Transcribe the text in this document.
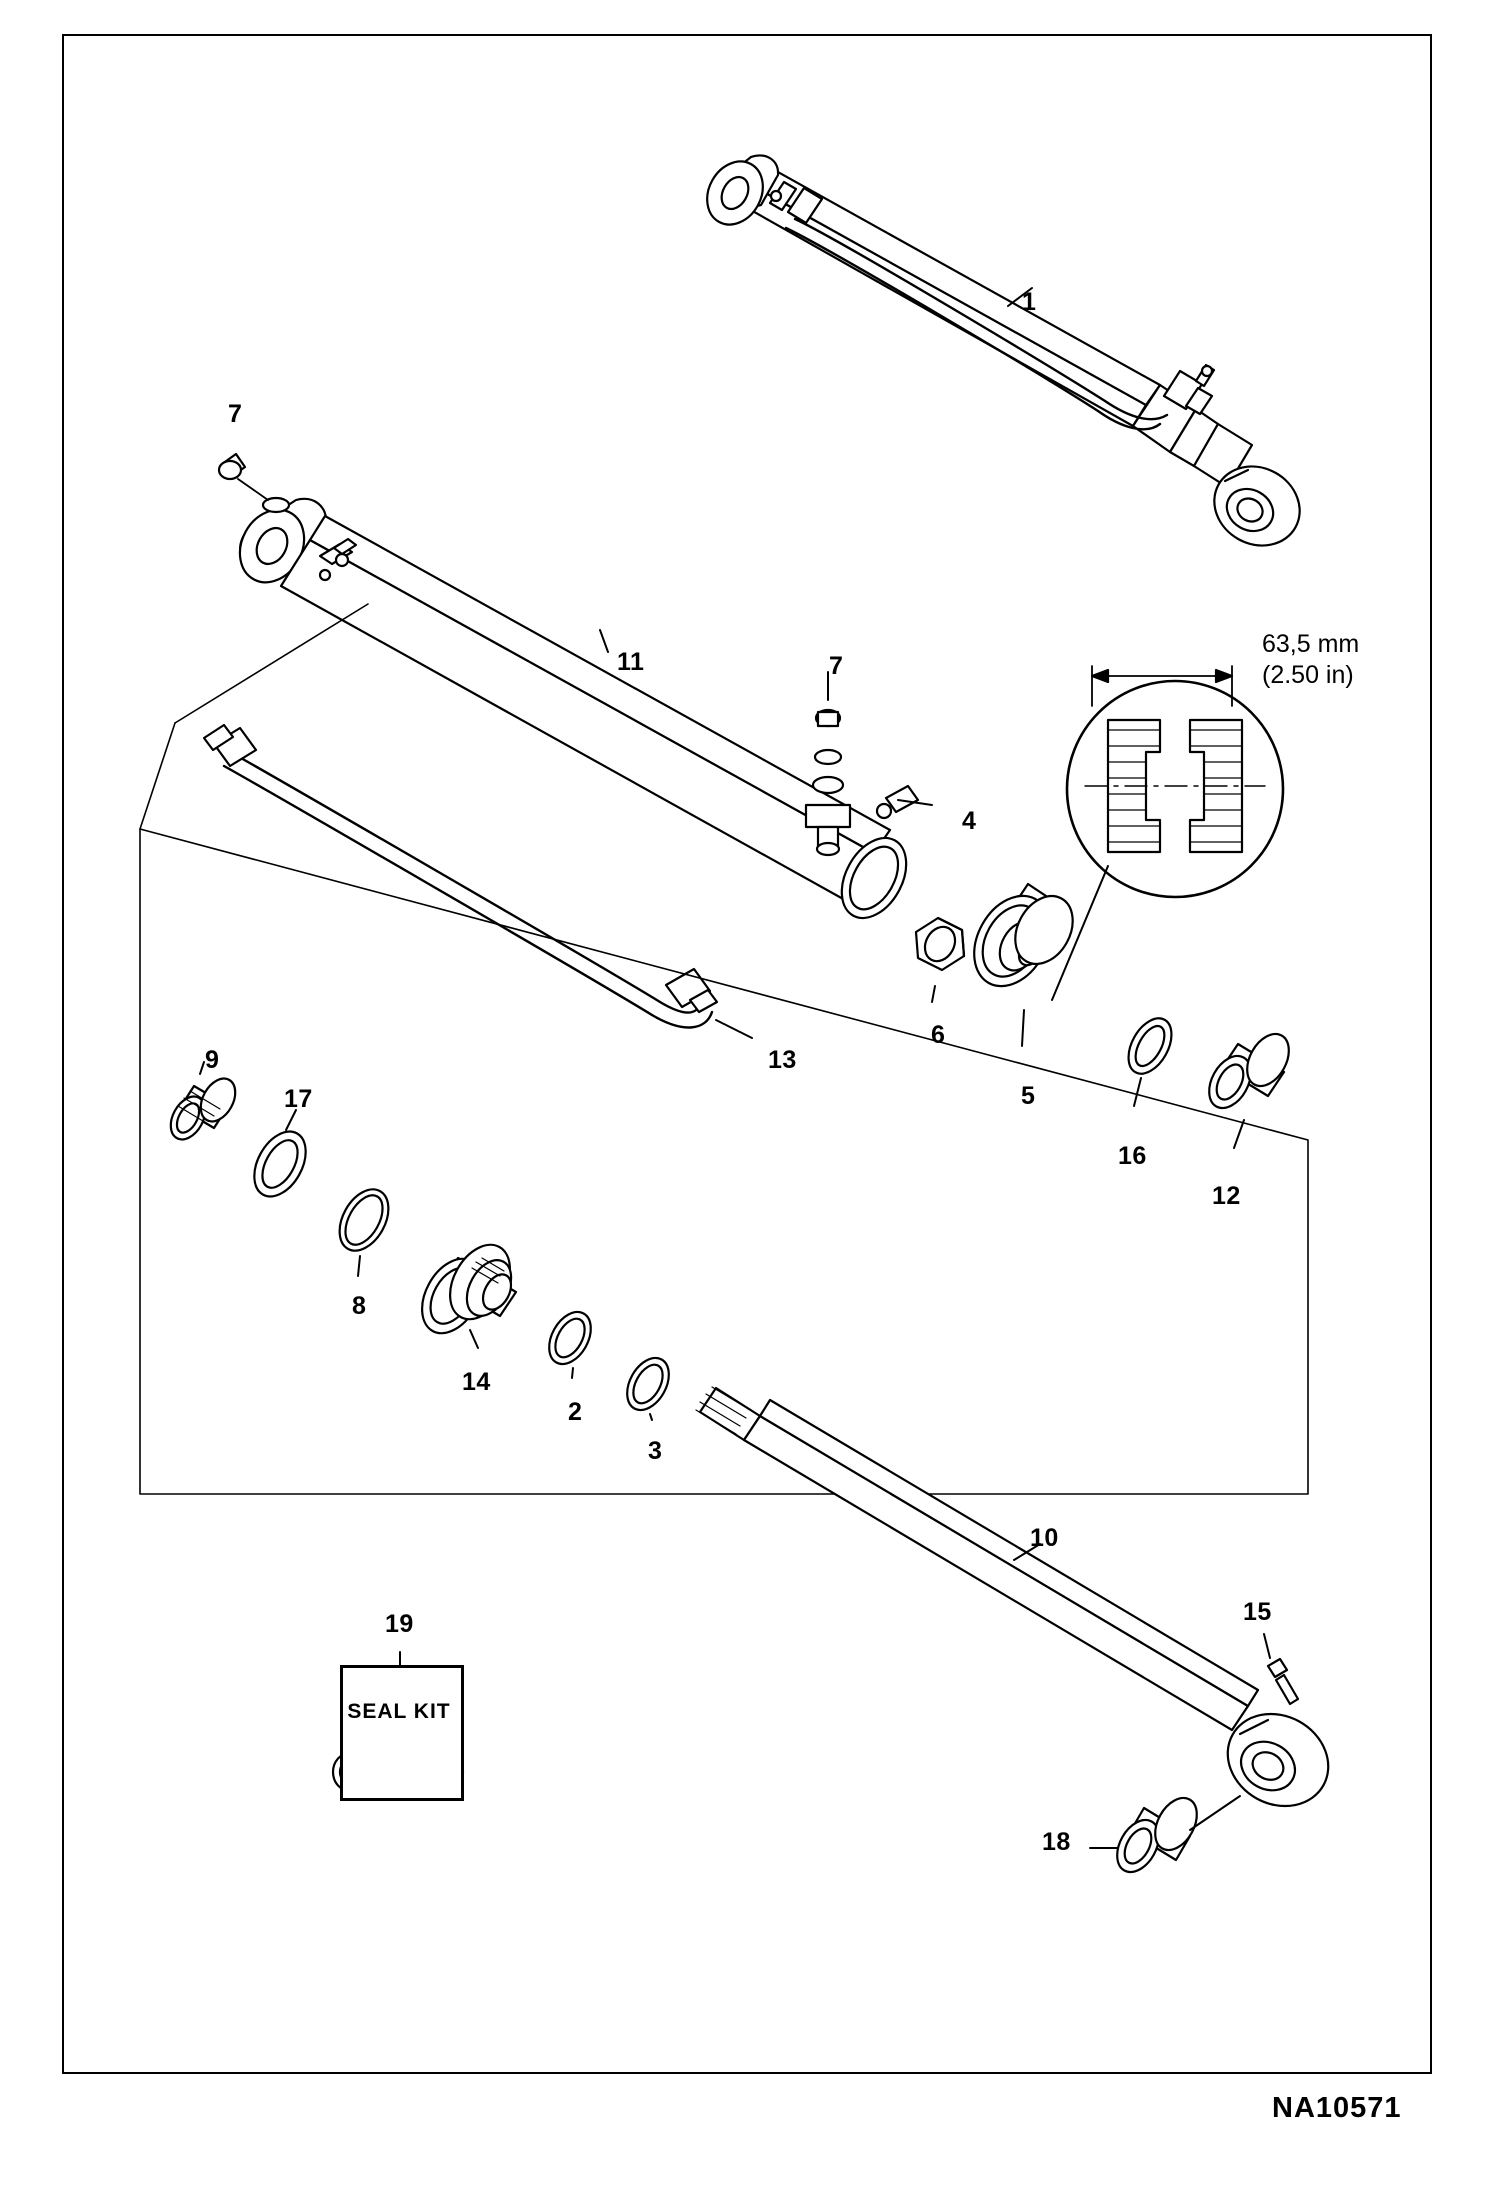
SEAL KIT
63,5 mm
(2.50 in)
NA10571
1
7
11	7
4
6
5
16
12
13
9
17
8
14
2
3
10
15
18
19
